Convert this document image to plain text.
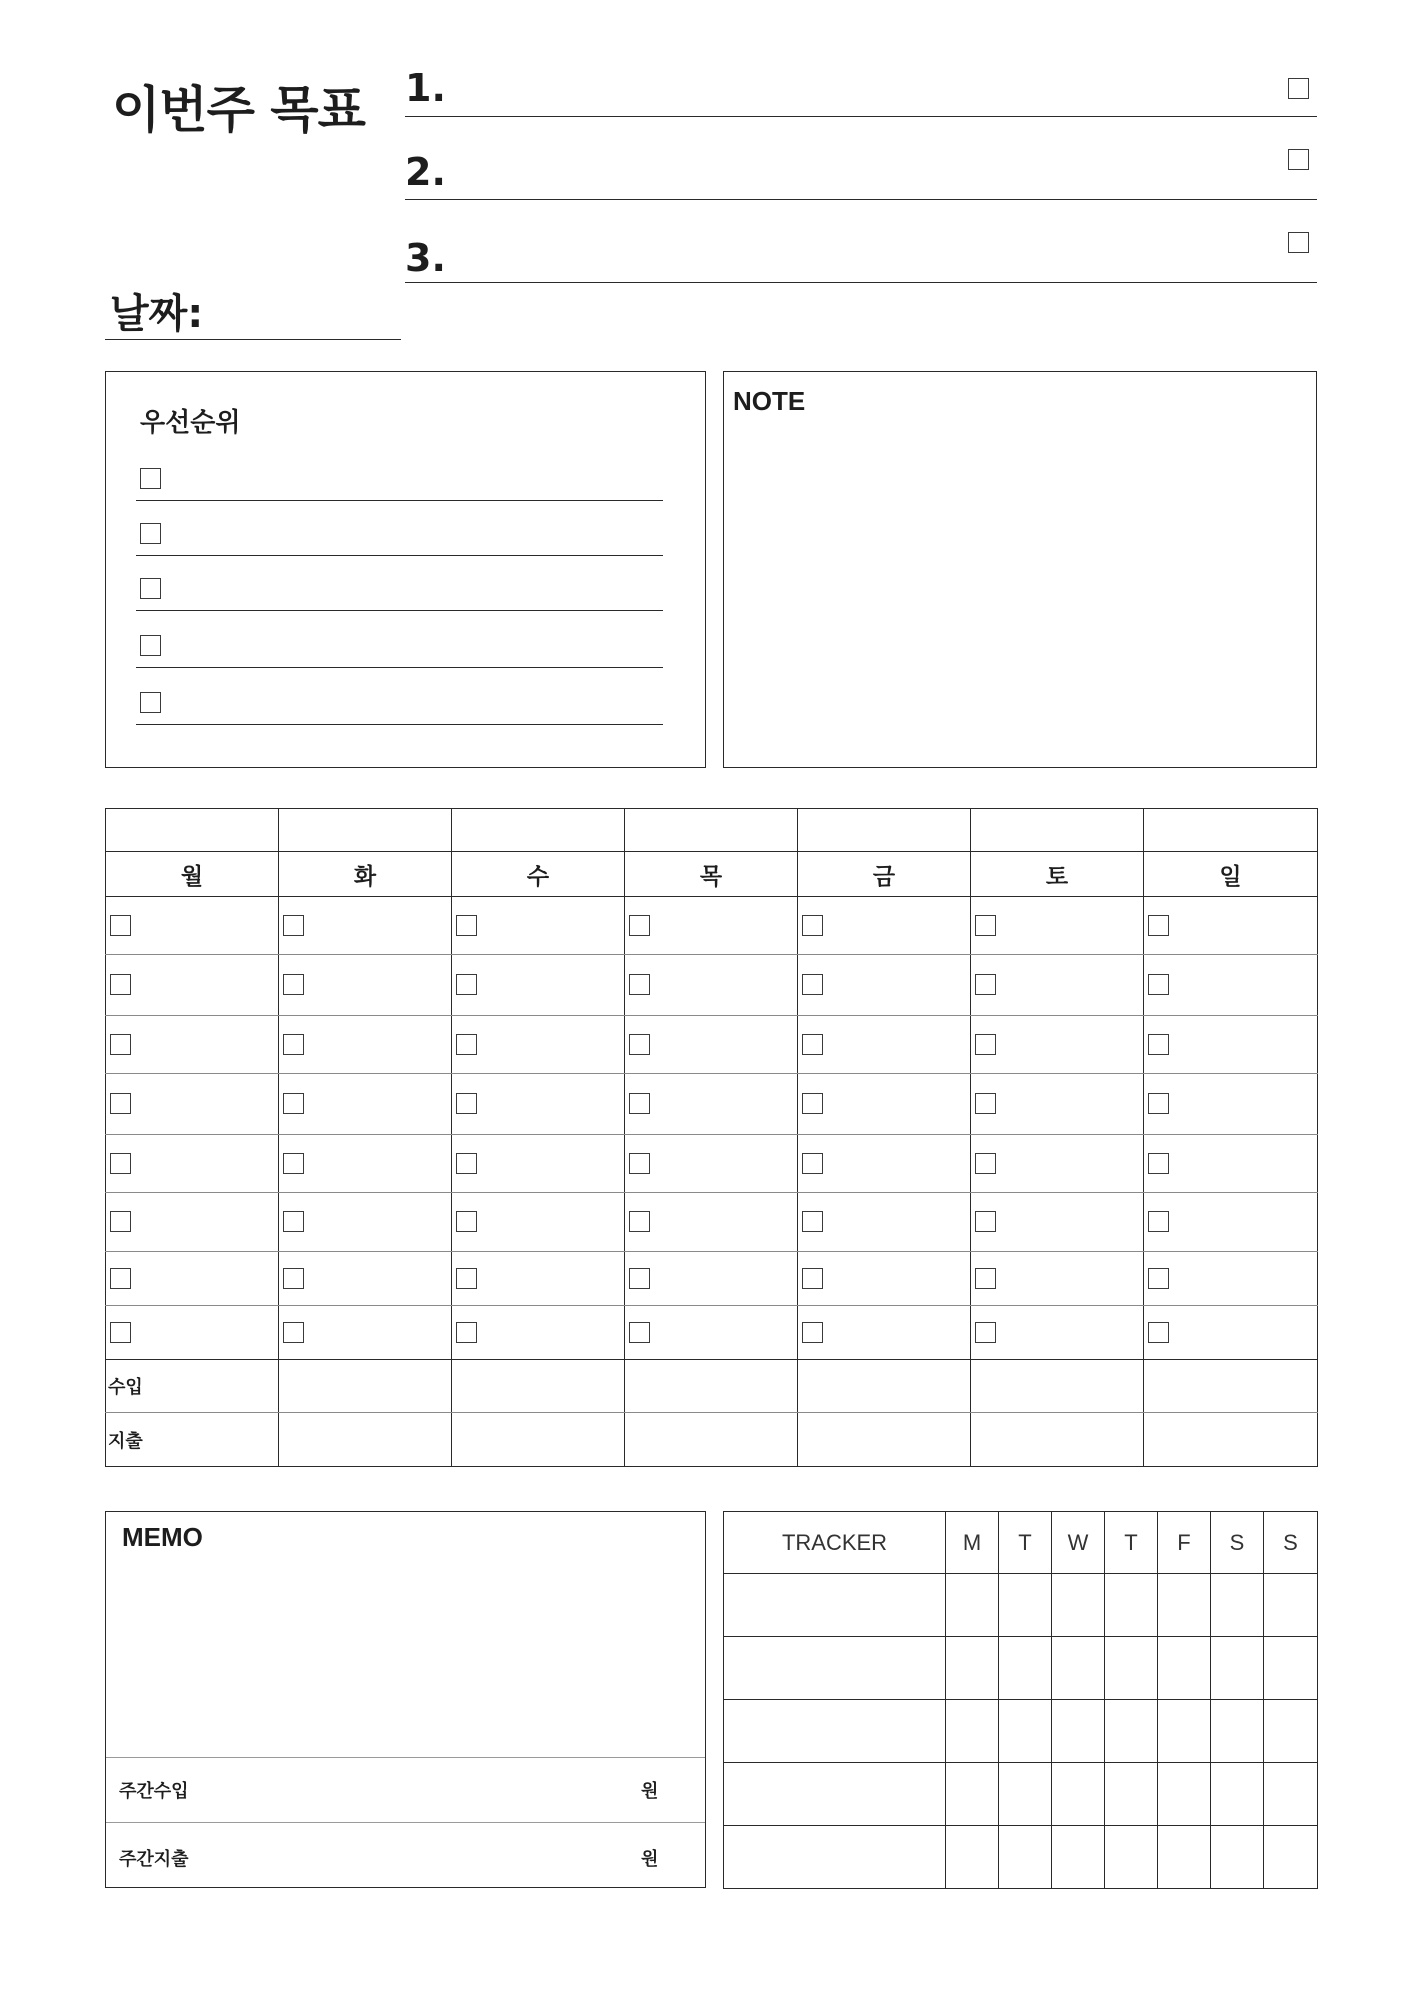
이번주 목표 1.
2.
3.
날짜:
우선순위
NOTE

월	화	수	목	금	토	일

수입						
지출						
MEMO
주간수입	원
주간지출	원
TRACKER	M	T	W	T	F	S	S
